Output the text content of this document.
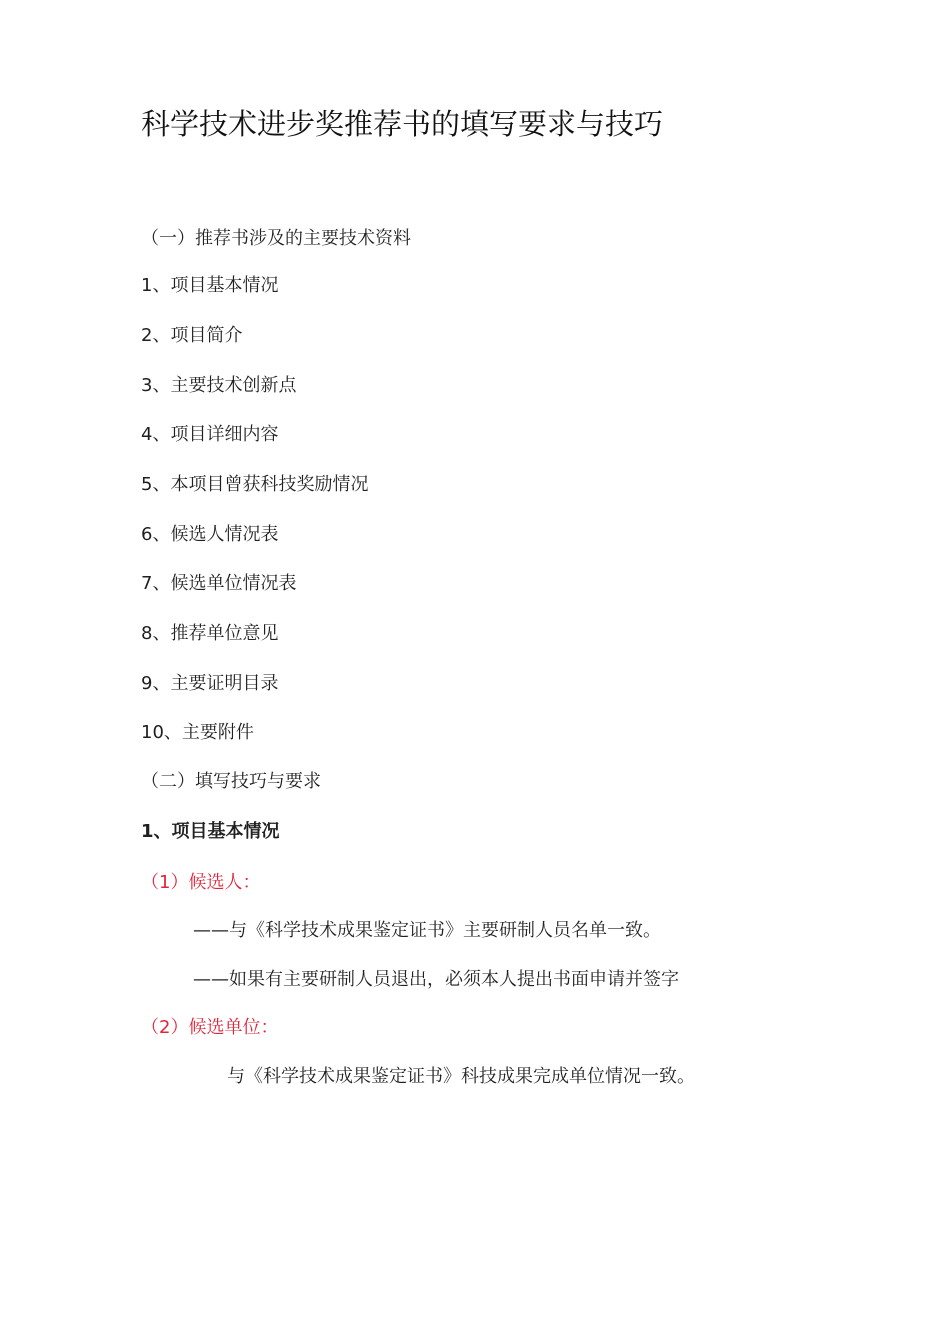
科学技术进步奖推荐书的填写要求与技巧
（一）推荐书涉及的主要技术资料
1、项目基本情况
2、项目简介
3、主要技术创新点
4、项目详细内容
5、本项目曾获科技奖励情况
6、候选人情况表
7、候选单位情况表
8、推荐单位意见
9、主要证明目录
10、主要附件
（二）填写技巧与要求
1、项目基本情况
（1）候选人：
——与《科学技术成果鉴定证书》主要研制人员名单一致。
——如果有主要研制人员退出，必须本人提出书面申请并签字
（2）候选单位：
与《科学技术成果鉴定证书》科技成果完成单位情况一致。
